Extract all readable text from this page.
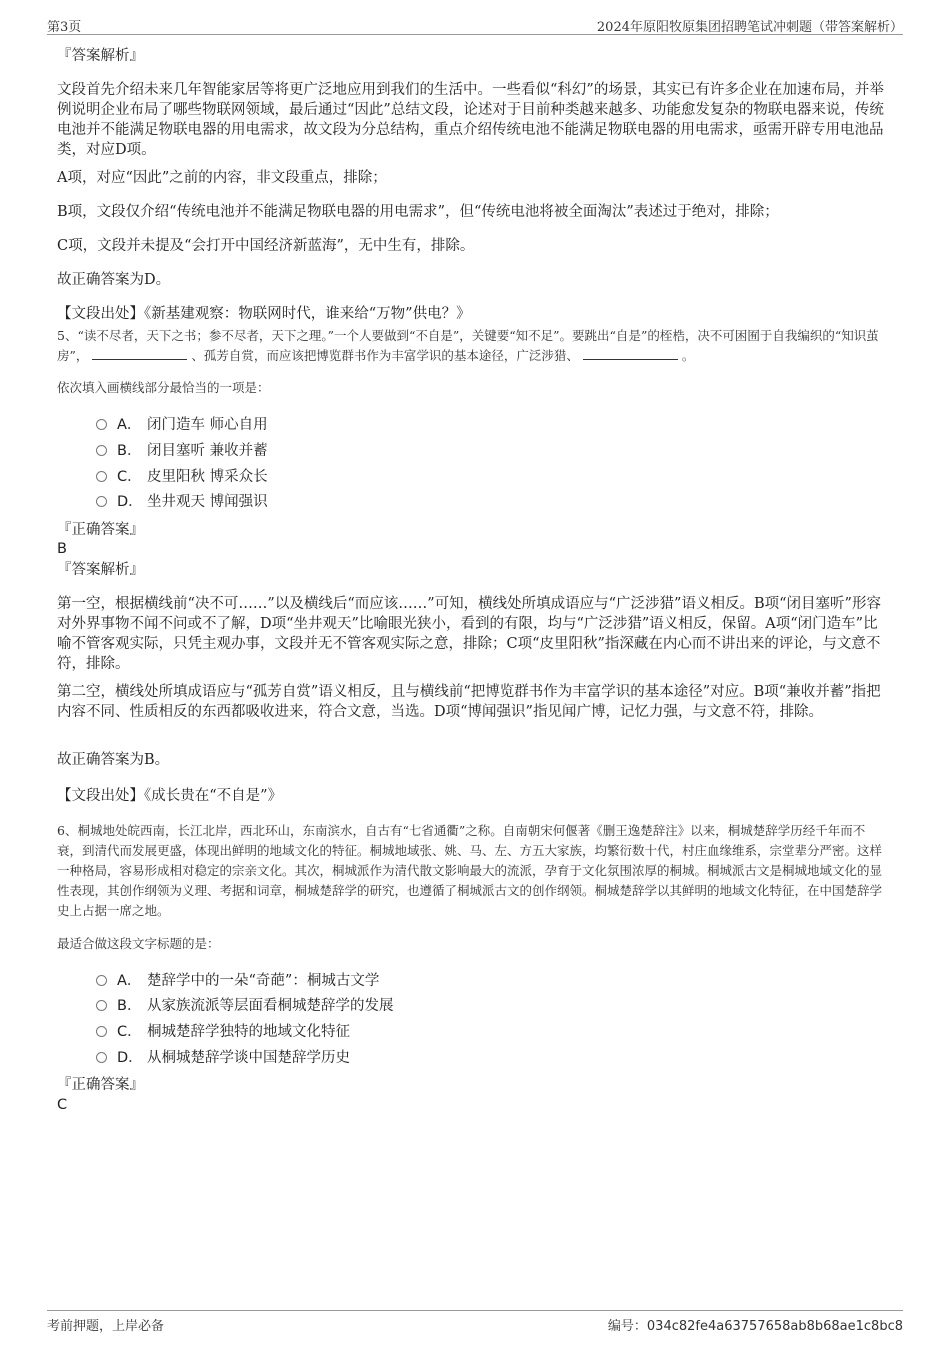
第3页	2024年原阳牧原集团招聘笔试冲刺题（带答案解析）

『答案解析』

文段首先介绍未来几年智能家居等将更广泛地应用到我们的生活中。一些看似“科幻”的场景，其实已有许多企业在加速布局，并举例说明企业布局了哪些物联网领域，最后通过“因此”总结文段，论述对于目前种类越来越多、功能愈发复杂的物联电器来说，传统电池并不能满足物联电器的用电需求，故文段为分总结构，重点介绍传统电池不能满足物联电器的用电需求，亟需开辟专用电池品类，对应D项。

A项，对应“因此”之前的内容，非文段重点，排除；

B项，文段仅介绍“传统电池并不能满足物联电器的用电需求”，但“传统电池将被全面淘汰”表述过于绝对，排除；

C项，文段并未提及“会打开中国经济新蓝海”，无中生有，排除。

故正确答案为D。

【文段出处】《新基建观察：物联网时代，谁来给“万物”供电？》

5、“读不尽者，天下之书；参不尽者，天下之理。”一个人要做到“不自是”，关键要“知不足”。要跳出“自是”的桎梏，决不可困囿于自我编织的“知识茧房”，	、孤芳自赏，而应该把博览群书作为丰富学识的基本途径，广泛涉猎、	。

依次填入画横线部分最恰当的一项是：

A． 闭门造车 师心自用
B． 闭目塞听 兼收并蓄
C． 皮里阳秋 博采众长
D． 坐井观天 博闻强识

『正确答案』

B

『答案解析』

第一空，根据横线前“决不可……”以及横线后“而应该……”可知，横线处所填成语应与“广泛涉猎”语义相反。B项“闭目塞听”形容对外界事物不闻不问或不了解，D项“坐井观天”比喻眼光狭小，看到的有限，均与“广泛涉猎”语义相反，保留。A项“闭门造车”比喻不管客观实际，只凭主观办事，文段并无不管客观实际之意，排除；C项“皮里阳秋”指深藏在内心而不讲出来的评论，与文意不符，排除。

第二空，横线处所填成语应与“孤芳自赏”语义相反，且与横线前“把博览群书作为丰富学识的基本途径”对应。B项“兼收并蓄”指把内容不同、性质相反的东西都吸收进来，符合文意，当选。D项“博闻强识”指见闻广博，记忆力强，与文意不符，排除。

故正确答案为B。

【文段出处】《成长贵在“不自是”》

6、桐城地处皖西南，长江北岸，西北环山，东南滨水，自古有“七省通衢”之称。自南朝宋何偃著《删王逸楚辞注》以来，桐城楚辞学历经千年而不衰，到清代而发展更盛，体现出鲜明的地域文化的特征。桐城地域张、姚、马、左、方五大家族，均繁衍数十代，村庄血缘维系，宗堂辈分严密。这样一种格局，容易形成相对稳定的宗亲文化。其次，桐城派作为清代散文影响最大的流派，孕育于文化氛围浓厚的桐城。桐城派古文是桐城地域文化的显性表现，其创作纲领为义理、考据和词章，桐城楚辞学的研究，也遵循了桐城派古文的创作纲领。桐城楚辞学以其鲜明的地域文化特征，在中国楚辞学史上占据一席之地。

最适合做这段文字标题的是：

A． 楚辞学中的一朵“奇葩”：桐城古文学
B． 从家族流派等层面看桐城楚辞学的发展
C． 桐城楚辞学独特的地域文化特征
D． 从桐城楚辞学谈中国楚辞学历史

『正确答案』

C

考前押题，上岸必备	编号：034c82fe4a63757658ab8b68ae1c8bc8
